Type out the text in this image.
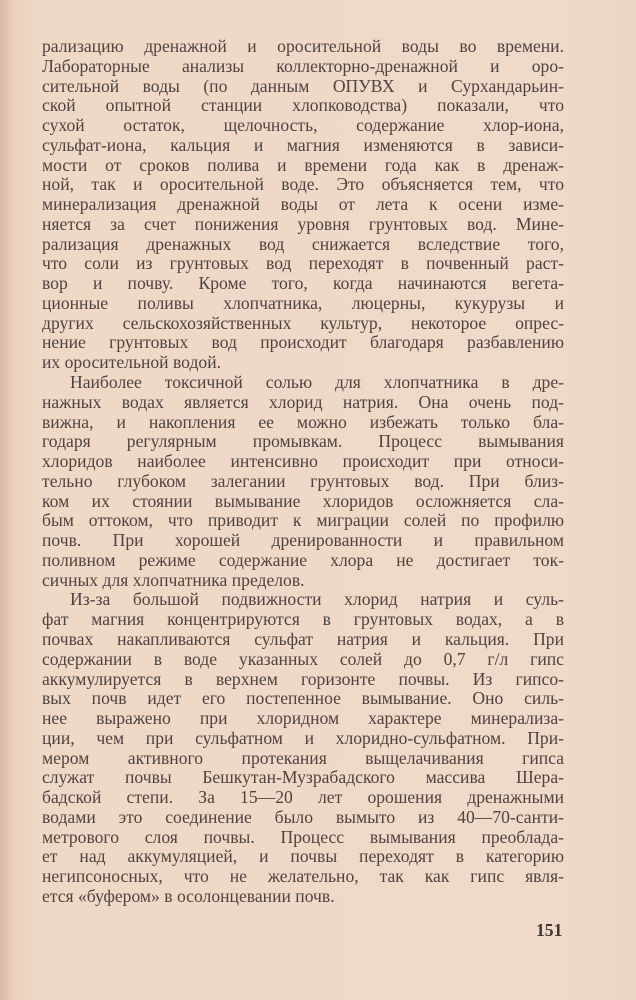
рализацию дренажной и оросительной воды во времени.
Лабораторные анализы коллекторно-дренажной и оро-
сительной воды (по данным ОПУВХ и Сурхандарьин-
ской опытной станции хлопководства) показали, что
сухой остаток, щелочность, содержание хлор-иона,
сульфат-иона, кальция и магния изменяются в зависи-
мости от сроков полива и времени года как в дренаж-
ной, так и оросительной воде. Это объясняется тем, что
минерализация дренажной воды от лета к осени изме-
няется за счет понижения уровня грунтовых вод. Мине-
рализация дренажных вод снижается вследствие того,
что соли из грунтовых вод переходят в почвенный раст-
вор и почву. Кроме того, когда начинаются вегета-
ционные поливы хлопчатника, люцерны, кукурузы и
других сельскохозяйственных культур, некоторое опрес-
нение грунтовых вод происходит благодаря разбавлению
их оросительной водой.
Наиболее токсичной солью для хлопчатника в дре-
нажных водах является хлорид натрия. Она очень под-
вижна, и накопления ее можно избежать только бла-
годаря регулярным промывкам. Процесс вымывания
хлоридов наиболее интенсивно происходит при относи-
тельно глубоком залегании грунтовых вод. При близ-
ком их стоянии вымывание хлоридов осложняется сла-
бым оттоком, что приводит к миграции солей по профилю
почв. При хорошей дренированности и правильном
поливном режиме содержание хлора не достигает ток-
сичных для хлопчатника пределов.
Из-за большой подвижности хлорид натрия и суль-
фат магния концентрируются в грунтовых водах, а в
почвах накапливаются сульфат натрия и кальция. При
содержании в воде указанных солей до 0,7 г/л гипс
аккумулируется в верхнем горизонте почвы. Из гипсо-
вых почв идет его постепенное вымывание. Оно силь-
нее выражено при хлоридном характере минерализа-
ции, чем при сульфатном и хлоридно-сульфатном. При-
мером активного протекания выщелачивания гипса
служат почвы Бешкутан-Музрабадского массива Шера-
бадской степи. За 15—20 лет орошения дренажными
водами это соединение было вымыто из 40—70-санти-
метрового слоя почвы. Процесс вымывания преоблада-
ет над аккумуляцией, и почвы переходят в категорию
негипсоносных, что не желательно, так как гипс явля-
ется «буфером» в осолонцевании почв.
151
